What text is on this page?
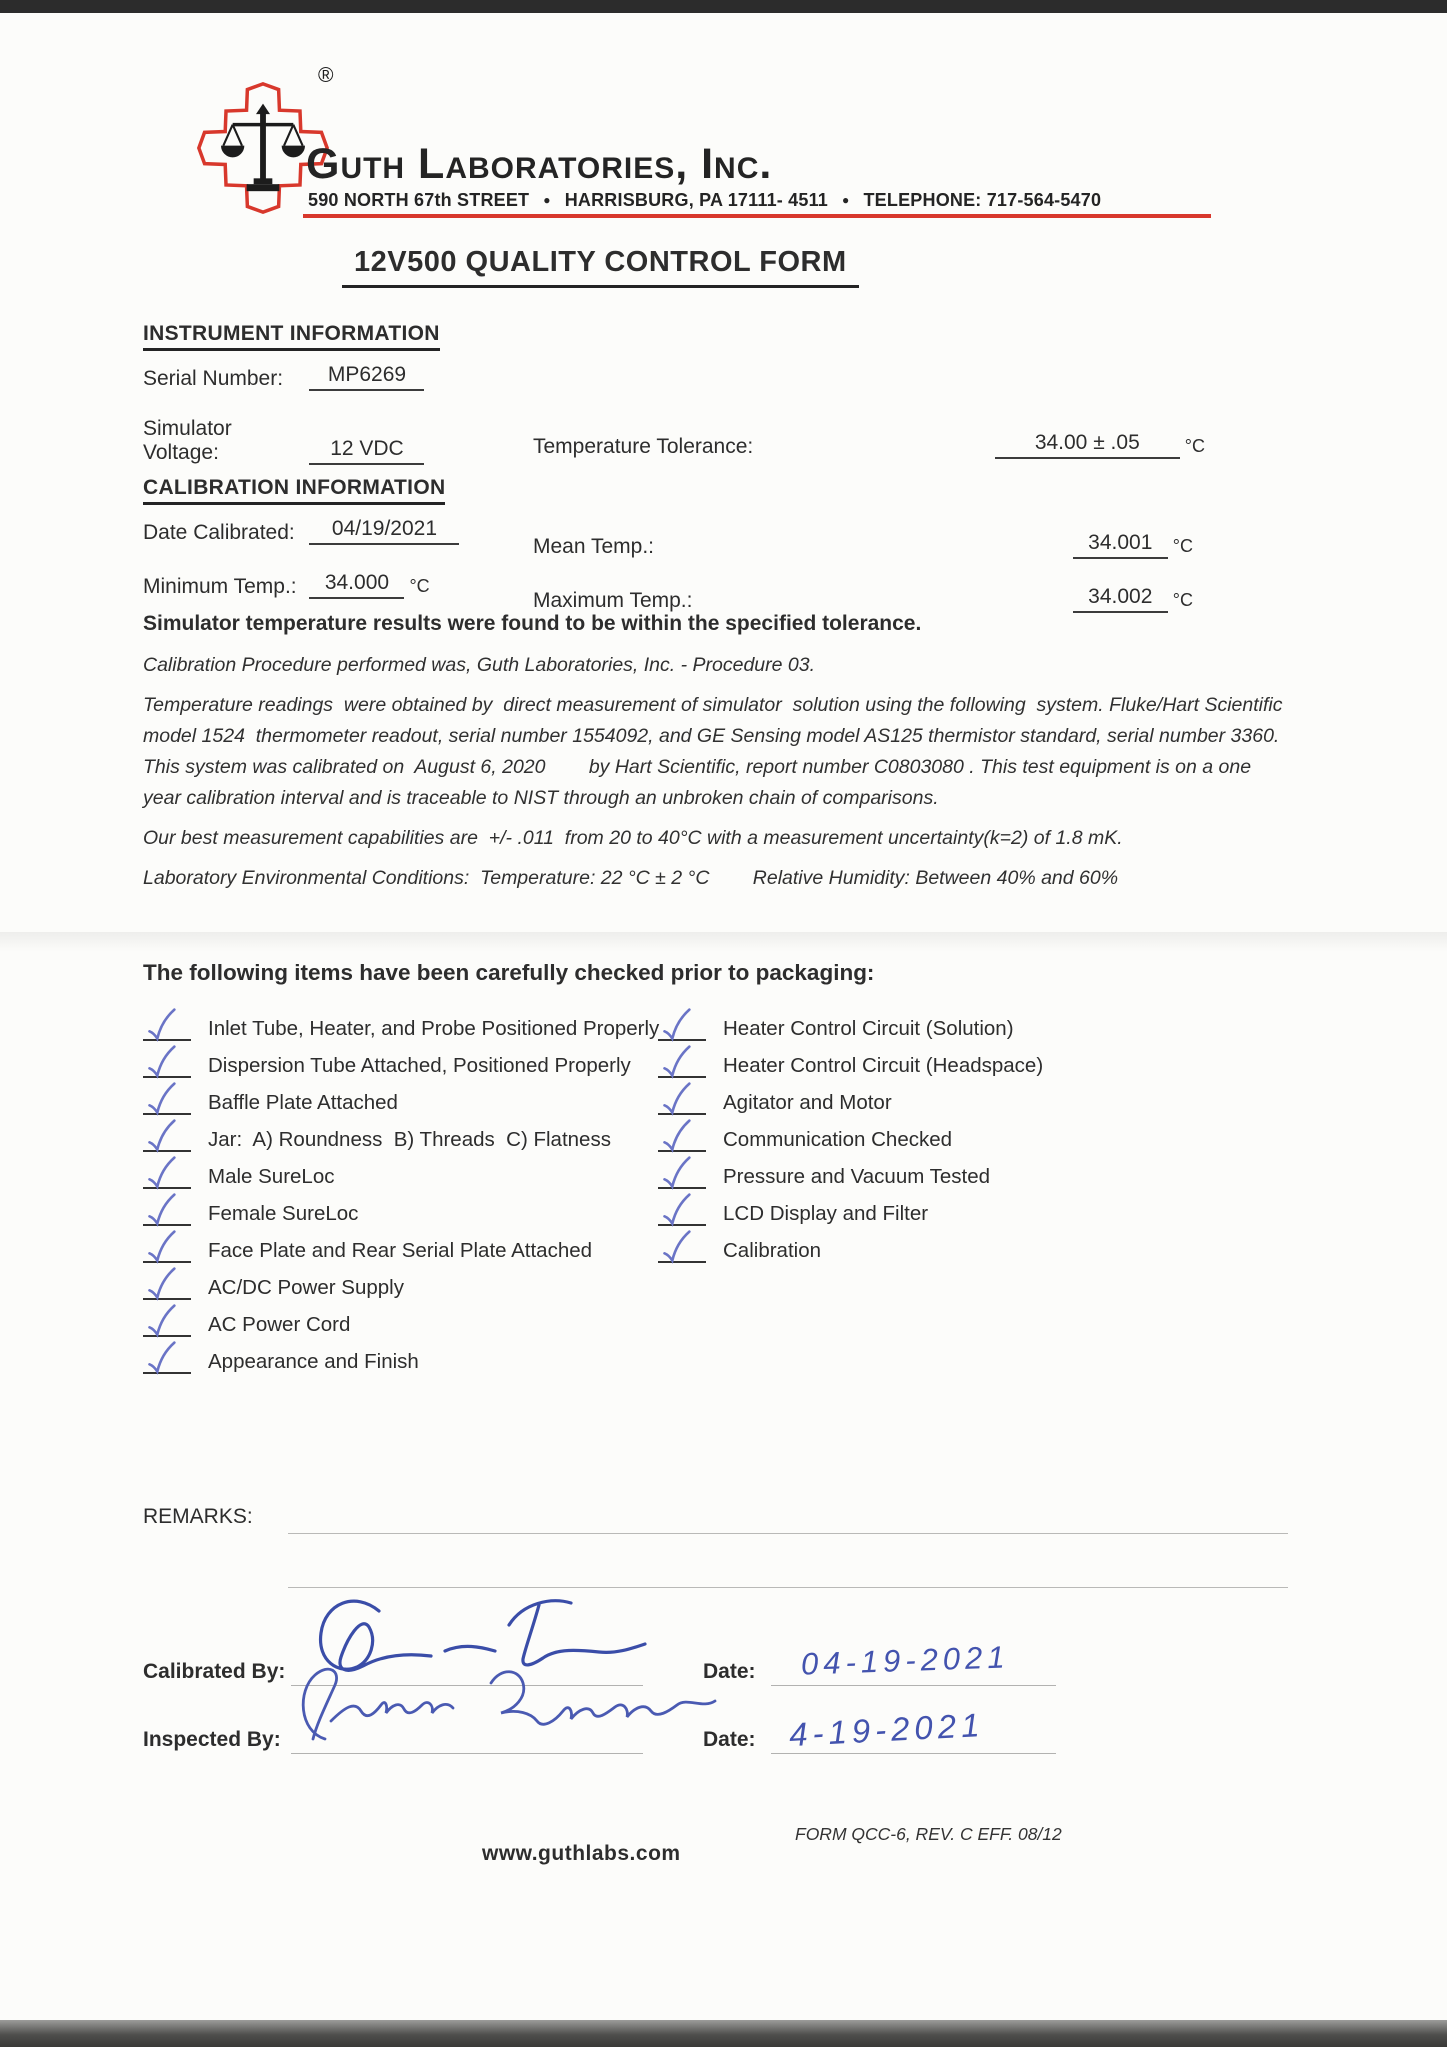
®
Guth Laboratories, Inc.
590 NORTH 67th STREET ● HARRISBURG, PA 17111- 4511 ● TELEPHONE: 717-564-5470
12V500 QUALITY CONTROL FORM
INSTRUMENT INFORMATION
Serial Number: MP6269
Simulator Voltage:	12 VDC	Temperature Tolerance:	34.00 ± .05	°C
CALIBRATION INFORMATION
Date Calibrated: 04/19/2021
Mean Temp.:	34.001 °C
Minimum Temp.: 34.000 °C
Maximum Temp.:	34.002 °C
Simulator temperature results were found to be within the specified tolerance.

Calibration Procedure performed was, Guth Laboratories, Inc. - Procedure 03.

Temperature readings  were obtained by  direct measurement of simulator  solution using the following  system. Fluke/Hart Scientific model 1524  thermometer readout, serial number 1554092, and GE Sensing model AS125 thermistor standard, serial number 3360. This system was calibrated on  August 6, 2020        by Hart Scientific, report number C0803080 . This test equipment is on a one year calibration interval and is traceable to NIST through an unbroken chain of comparisons.

Our best measurement capabilities are  +/- .011  from 20 to 40°C with a measurement uncertainty(k=2) of 1.8 mK.

Laboratory Environmental Conditions:  Temperature: 22 °C ± 2 °C        Relative Humidity: Between 40% and 60%

The following items have been carefully checked prior to packaging:
Inlet Tube, Heater, and Probe Positioned Properly
Dispersion Tube Attached, Positioned Properly
Baffle Plate Attached
Jar:  A) Roundness  B) Threads  C) Flatness
Male SureLoc
Female SureLoc
Face Plate and Rear Serial Plate Attached
AC/DC Power Supply
AC Power Cord
Appearance and Finish
Heater Control Circuit (Solution)
Heater Control Circuit (Headspace)
Agitator and Motor
Communication Checked
Pressure and Vacuum Tested
LCD Display and Filter
Calibration
REMARKS:
Calibrated By:	Date: 04-19-2021
Inspected By:	Date: 4-19-2021
www.guthlabs.com
FORM QCC-6, REV. C EFF. 08/12
